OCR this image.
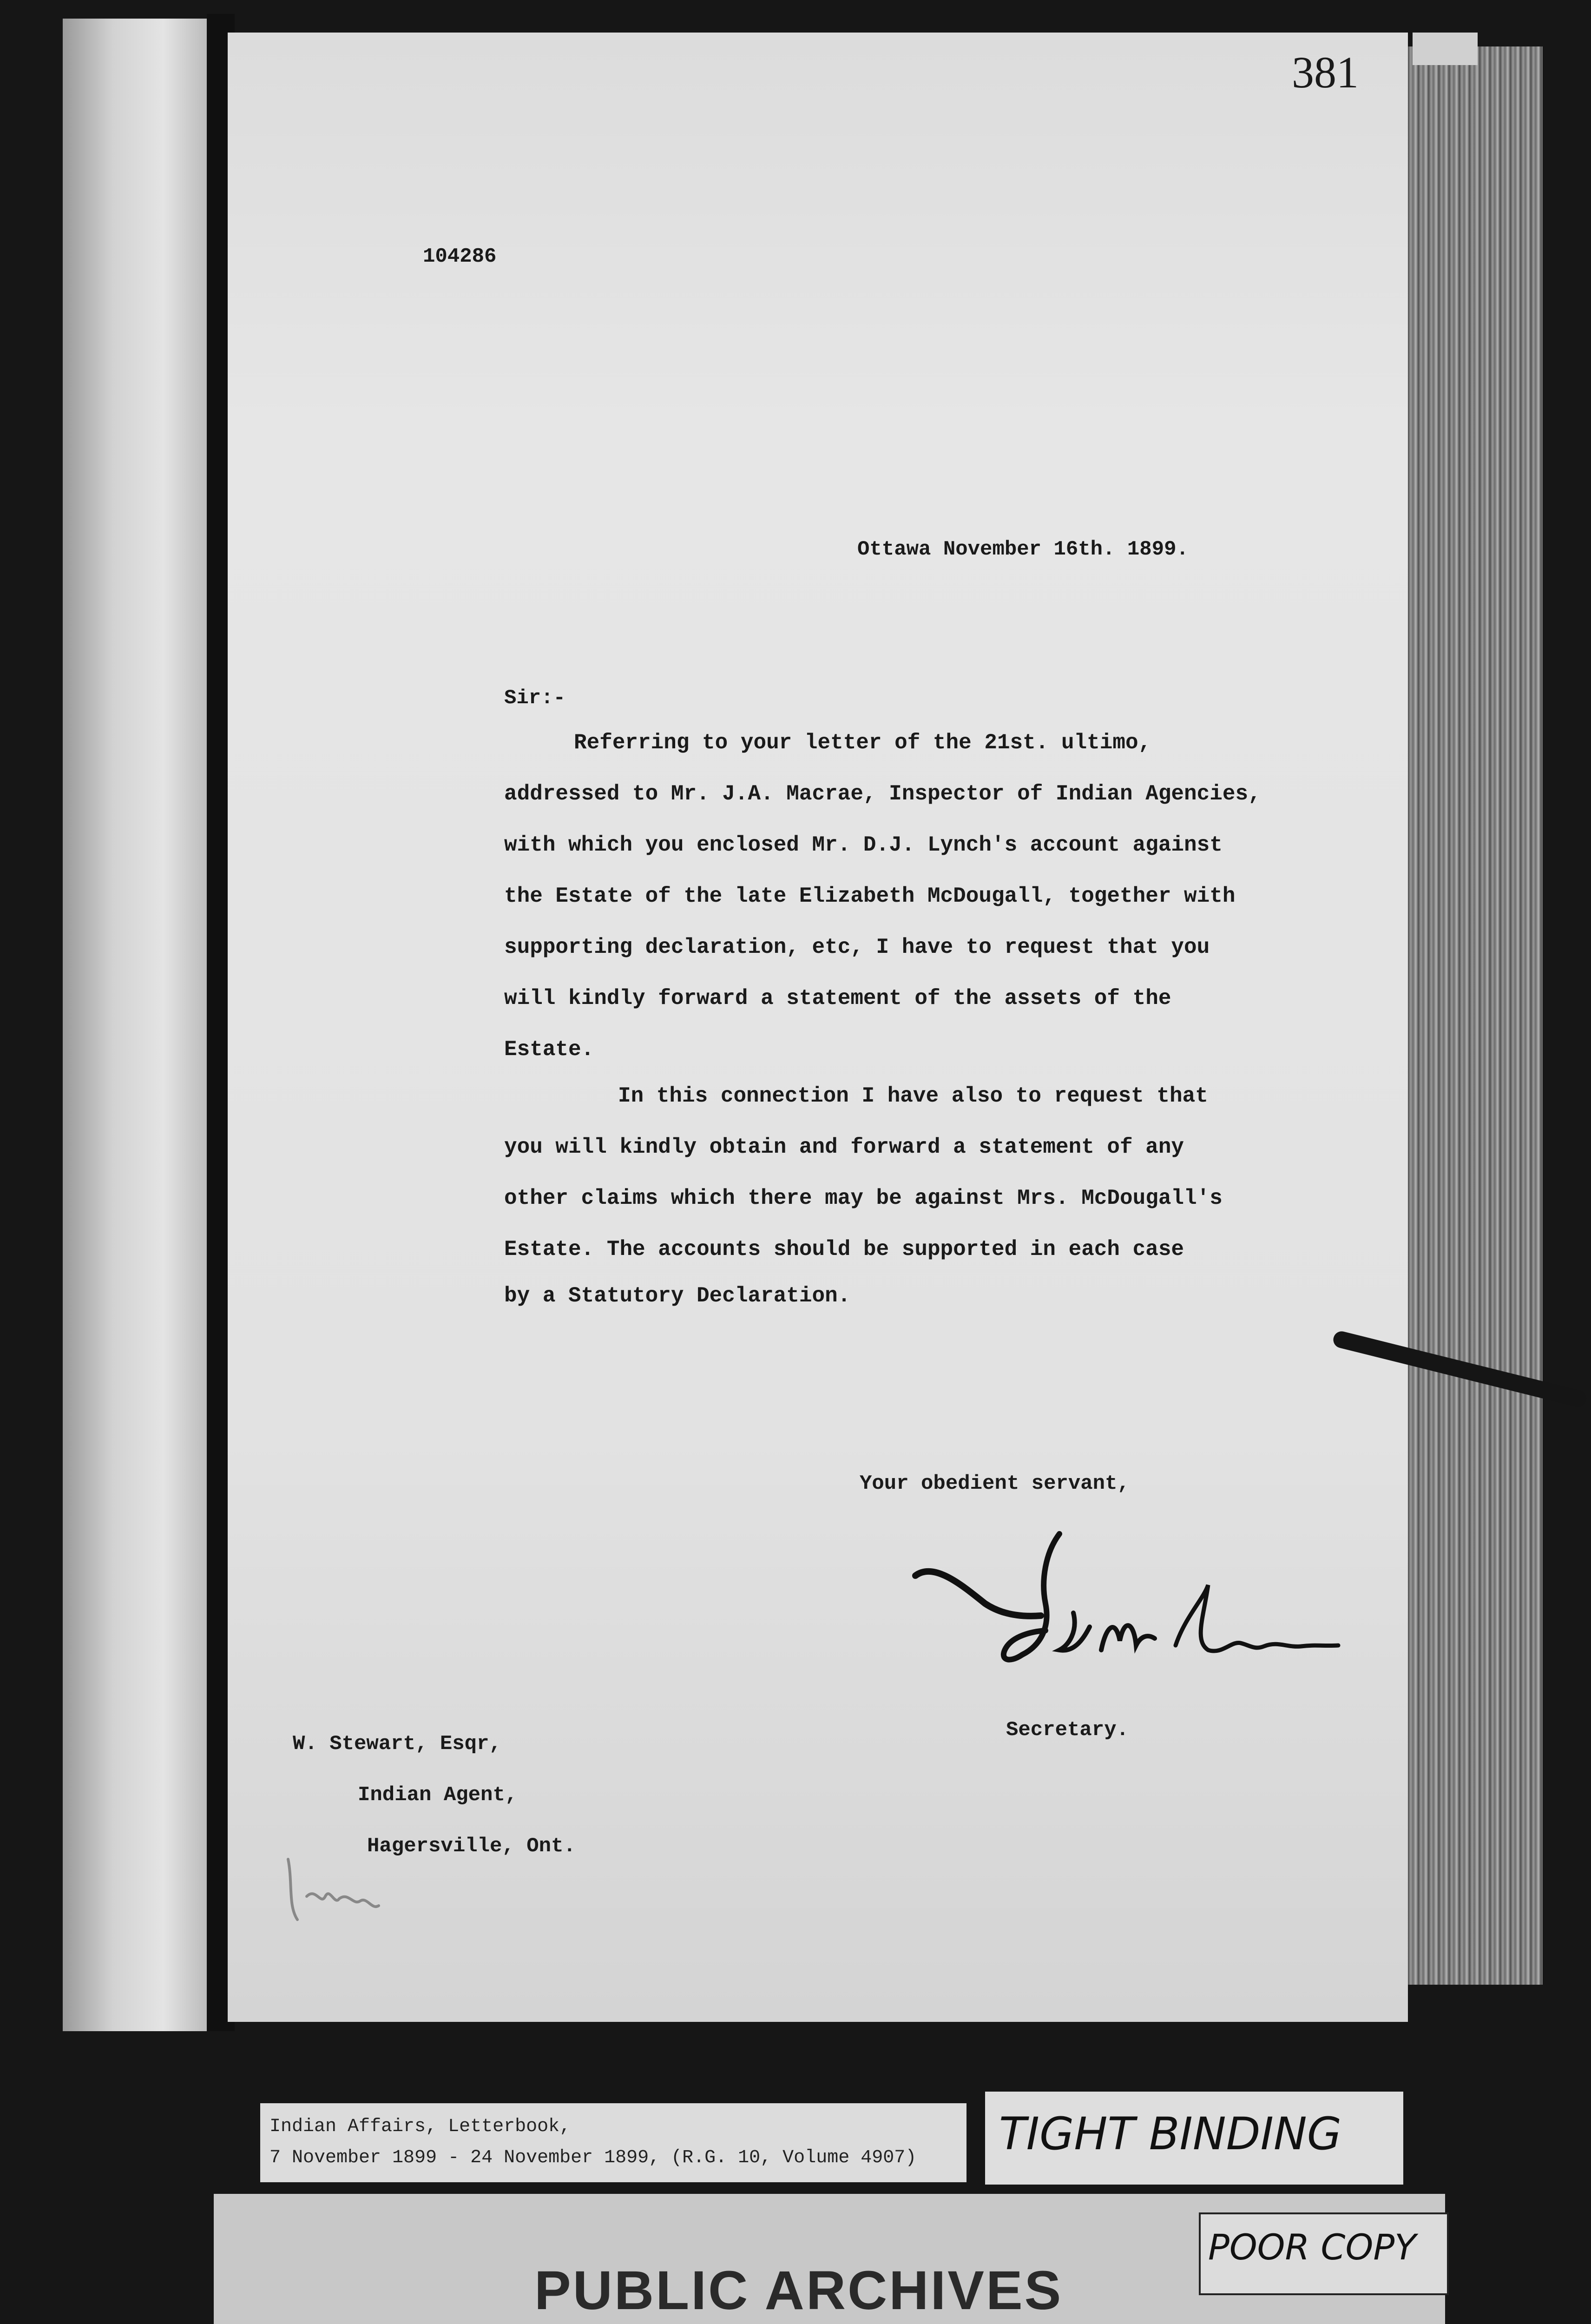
381
104286
Ottawa November 16th. 1899.
Sir:-
Referring to your letter of the 21st. ultimo,
addressed to Mr. J.A. Macrae, Inspector of Indian Agencies,
with which you enclosed Mr. D.J. Lynch's account against
the Estate of the late Elizabeth McDougall, together with
supporting declaration, etc, I have to request that you
will kindly forward a statement of the assets of the
Estate.
In this connection I have also to request that
you will kindly obtain and forward a statement of any
other claims which there may be against Mrs. McDougall's
Estate. The accounts should be supported in each case
by a Statutory Declaration.
Your obedient servant,
Secretary.
W. Stewart, Esqr,
Indian Agent,
Hagersville, Ont.
PUBLIC ARCHIVES
Indian Affairs, Letterbook,
7 November 1899 - 24 November 1899, (R.G. 10, Volume 4907) TIGHT BINDING
POOR COPY
